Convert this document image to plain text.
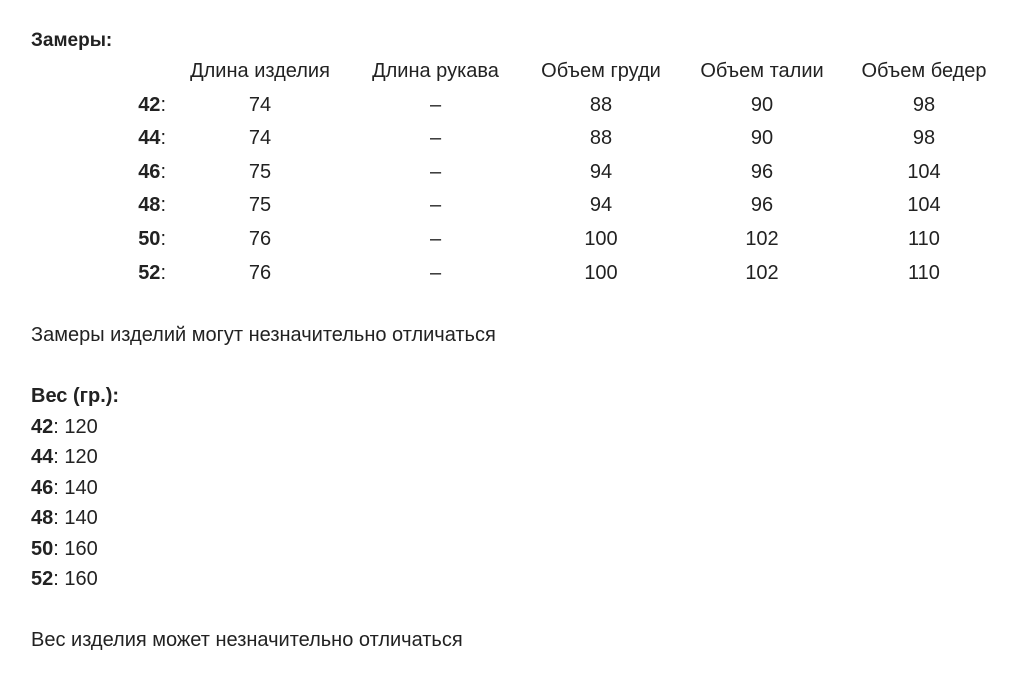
Замеры:
	Длина изделия	Длина рукава	Объем груди	Объем талии	Объем бедер
42:	74	–	88	90	98
44:	74	–	88	90	98
46:	75	–	94	96	104
48:	75	–	94	96	104
50:	76	–	100	102	110
52:	76	–	100	102	110
Замеры изделий могут незначительно отличаться
Вес (гр.):
42: 120
44: 120
46: 140
48: 140
50: 160
52: 160
Вес изделия может незначительно отличаться
